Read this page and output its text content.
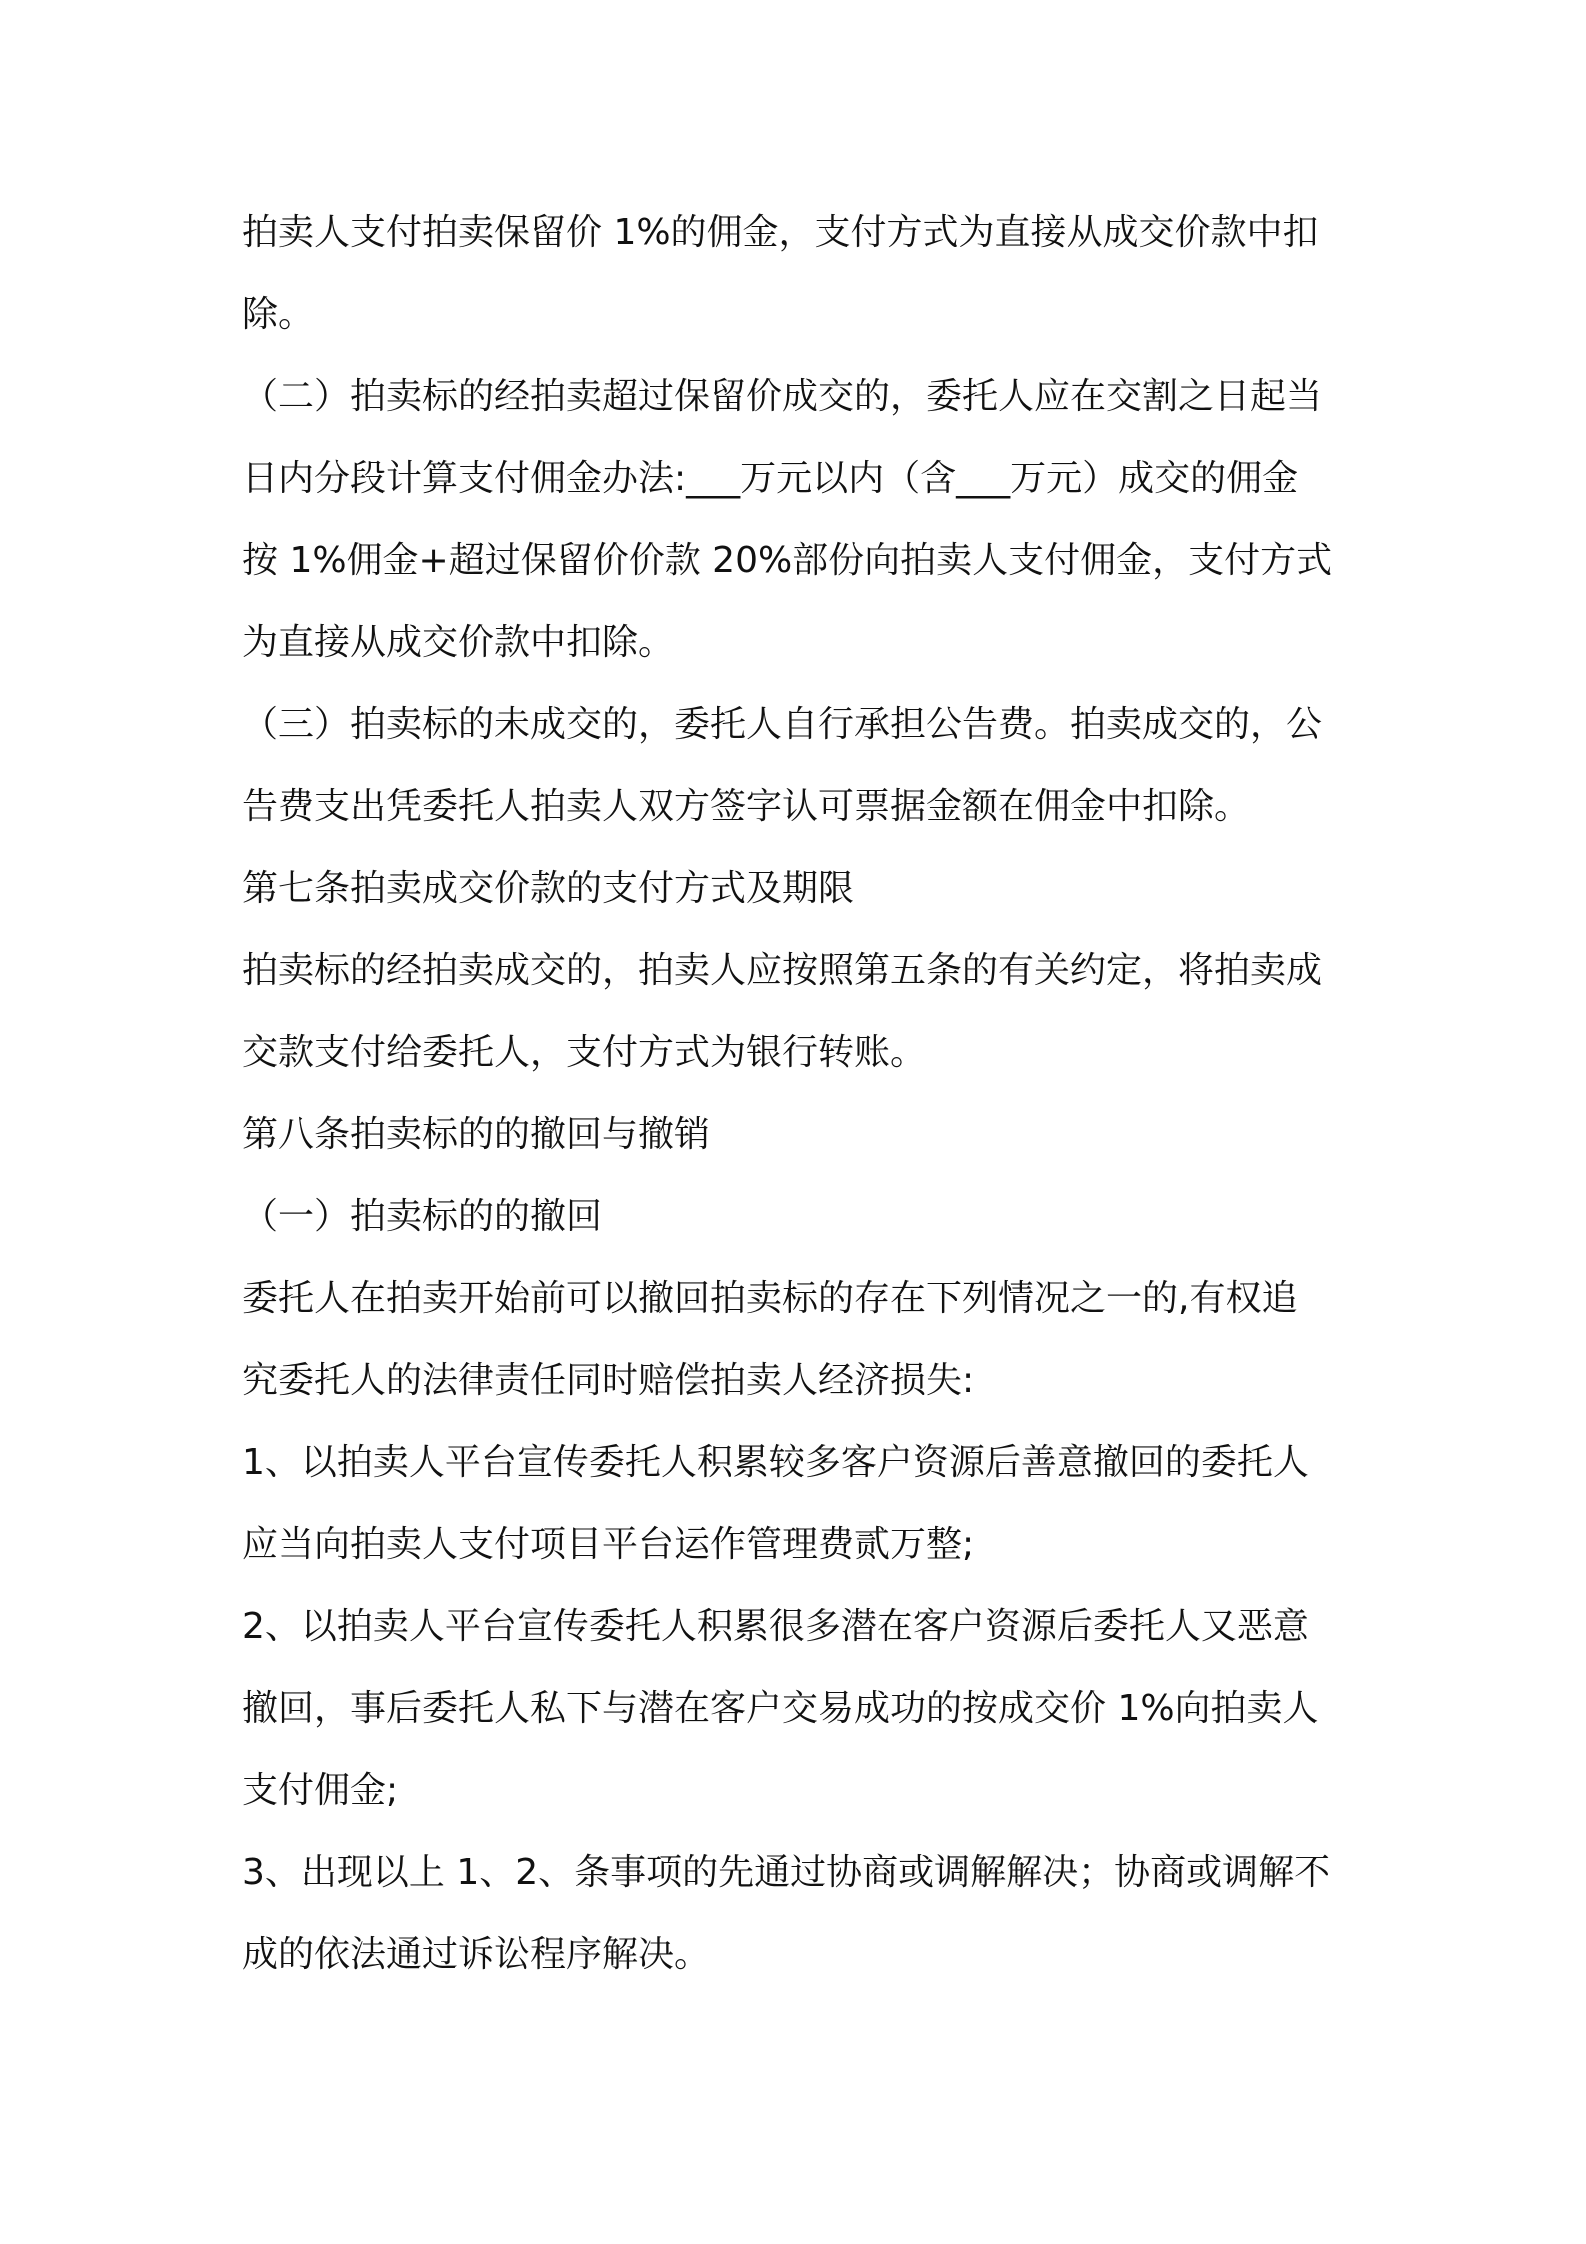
拍卖人支付拍卖保留价 1%的佣金，支付方式为直接从成交价款中扣

除。

（二）拍卖标的经拍卖超过保留价成交的，委托人应在交割之日起当

日内分段计算支付佣金办法:___万元以内（含___万元）成交的佣金

按 1%佣金+超过保留价价款 20%部份向拍卖人支付佣金，支付方式

为直接从成交价款中扣除。

（三）拍卖标的未成交的，委托人自行承担公告费。拍卖成交的，公

告费支出凭委托人拍卖人双方签字认可票据金额在佣金中扣除。

第七条拍卖成交价款的支付方式及期限

拍卖标的经拍卖成交的，拍卖人应按照第五条的有关约定，将拍卖成

交款支付给委托人，支付方式为银行转账。

第八条拍卖标的的撤回与撤销

（一）拍卖标的的撤回

委托人在拍卖开始前可以撤回拍卖标的存在下列情况之一的,有权追

究委托人的法律责任同时赔偿拍卖人经济损失:

1、以拍卖人平台宣传委托人积累较多客户资源后善意撤回的委托人

应当向拍卖人支付项目平台运作管理费贰万整;

2、以拍卖人平台宣传委托人积累很多潜在客户资源后委托人又恶意

撤回，事后委托人私下与潜在客户交易成功的按成交价 1%向拍卖人

支付佣金;

3、出现以上 1、2、条事项的先通过协商或调解解决；协商或调解不

成的依法通过诉讼程序解决。
